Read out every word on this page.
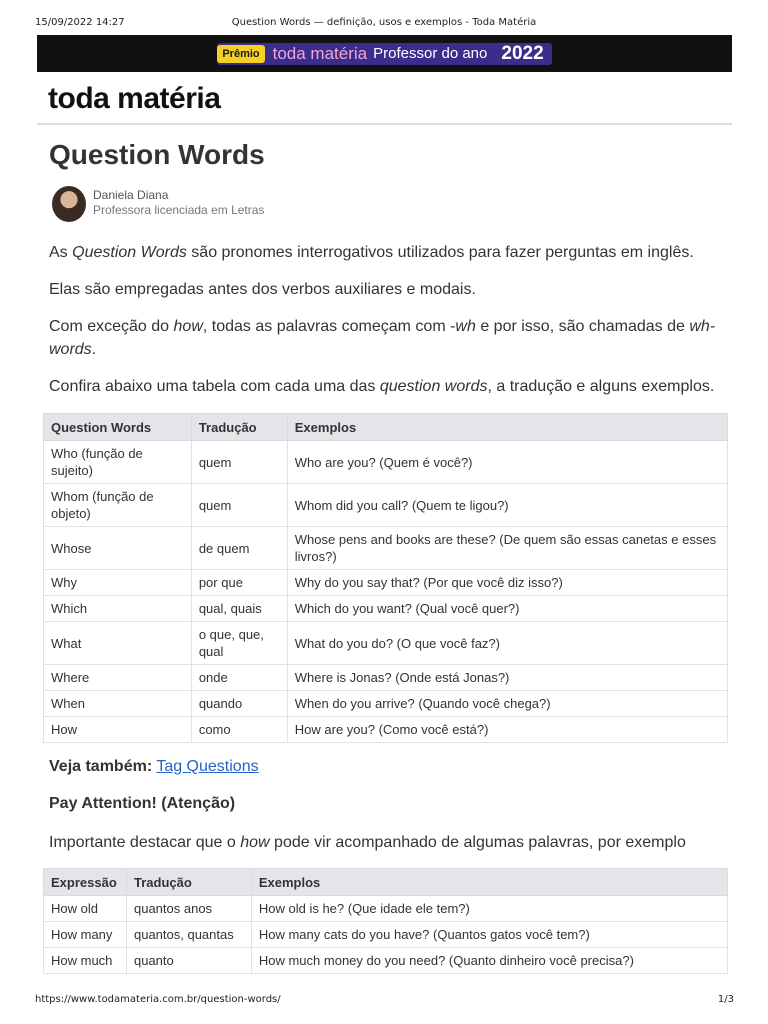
15/09/2022 14:27	Question Words — definição, usos e exemplos - Toda Matéria
Prêmio toda matéria Professor do ano 2022
toda matéria
Question Words
Daniela Diana
Professora licenciada em Letras

As Question Words são pronomes interrogativos utilizados para fazer perguntas em inglês.

Elas são empregadas antes dos verbos auxiliares e modais.

Com exceção do how, todas as palavras começam com -wh e por isso, são chamadas de wh-words.

Confira abaixo uma tabela com cada uma das question words, a tradução e alguns exemplos.

Question Words	Tradução	Exemplos
Who (função de sujeito)	quem	Who are you? (Quem é você?)
Whom (função de objeto)	quem	Whom did you call? (Quem te ligou?)
Whose	de quem	Whose pens and books are these? (De quem são essas canetas e esses livros?)
Why	por que	Why do you say that? (Por que você diz isso?)
Which	qual, quais	Which do you want? (Qual você quer?)
What	o que, que, qual	What do you do? (O que você faz?)
Where	onde	Where is Jonas? (Onde está Jonas?)
When	quando	When do you arrive? (Quando você chega?)
How	como	How are you? (Como você está?)
Veja também: Tag Questions
Pay Attention! (Atenção)

Importante destacar que o how pode vir acompanhado de algumas palavras, por exemplo

Expressão	Tradução	Exemplos
How old	quantos anos	How old is he? (Que idade ele tem?)
How many	quantos, quantas	How many cats do you have? (Quantos gatos você tem?)
How much	quanto	How much money do you need? (Quanto dinheiro você precisa?)
https://www.todamateria.com.br/question-words/	1/3
